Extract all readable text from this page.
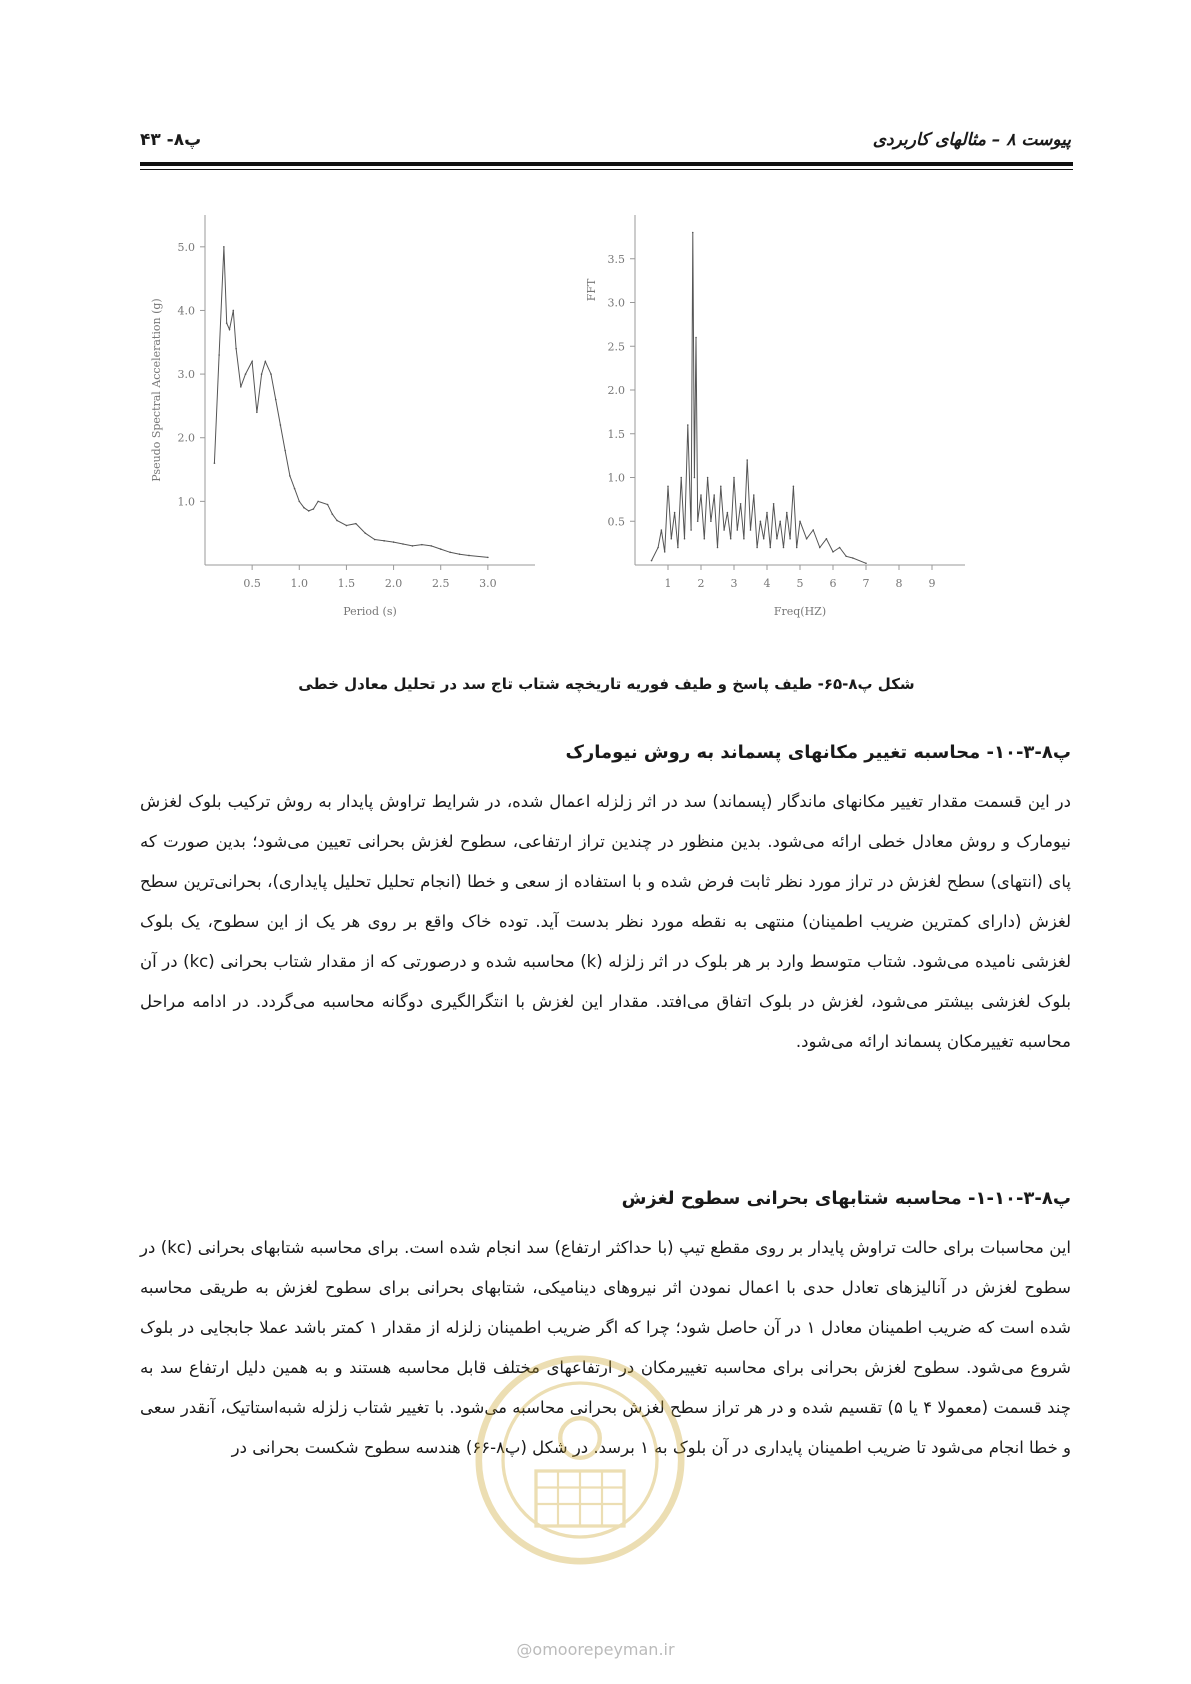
پیوست ۸ – مثالهای کاربردی
پ۸- ۴۳
0.5	1.0	1.5	2.0	2.5	3.0
1.0
2.0
3.0
4.0
5.0
Period (s)
Pseudo Spectral Acceleration (g)
1 2 3 4 5 6 7 8 9
0.5
1.0
1.5
2.0
2.5
3.0
3.5
Freq(HZ)
FFT
شکل پ۸-۶۵- طیف پاسخ و طیف فوریه تاریخچه شتاب تاج سد در تحلیل معادل خطی
پ۸-۳-۱۰- محاسبه تغییر مکانهای پسماند به روش نیومارک
در این قسمت مقدار تغییر مکانهای ماندگار (پسماند) سد در اثر زلزله اعمال شده، در شرایط تراوش پایدار به روش ترکیب بلوک لغزش نیومارک و روش معادل خطی ارائه می‌شود. بدین منظور در چندین تراز ارتفاعی، سطوح لغزش بحرانی تعیین می‌شود؛ بدین صورت که پای (انتهای) سطح لغزش در تراز مورد نظر ثابت فرض شده و با استفاده از سعی و خطا (انجام تحلیل تحلیل پایداری)، بحرانی‌ترین سطح لغزش (دارای کمترین ضریب اطمینان) منتهی به نقطه مورد نظر بدست آید. توده خاک واقع بر روی هر یک از این سطوح، یک بلوک لغزشی نامیده می‌شود. شتاب متوسط وارد بر هر بلوک در اثر زلزله (k) محاسبه شده و درصورتی که از مقدار شتاب بحرانی (kc) در آن بلوک لغزشی بیشتر می‌شود، لغزش در بلوک اتفاق می‌افتد. مقدار این لغزش با انتگرالگیری دوگانه محاسبه می‌گردد. در ادامه مراحل محاسبه تغییرمکان پسماند ارائه می‌شود.
پ۸-۳-۱۰-۱- محاسبه شتابهای بحرانی سطوح لغزش
این محاسبات برای حالت تراوش پایدار بر روی مقطع تیپ (با حداکثر ارتفاع) سد انجام شده است. برای محاسبه شتابهای بحرانی (kc) در سطوح لغزش در آنالیزهای تعادل حدی با اعمال نمودن اثر نیروهای دینامیکی، شتابهای بحرانی برای سطوح لغزش به طریقی محاسبه شده است که ضریب اطمینان معادل ۱ در آن حاصل شود؛ چرا که اگر ضریب اطمینان زلزله از مقدار ۱ کمتر باشد عملا جابجایی در بلوک شروع می‌شود. سطوح لغزش بحرانی برای محاسبه تغییرمکان در ارتفاعهای مختلف قابل محاسبه هستند و به همین دلیل ارتفاع سد به چند قسمت (معمولا ۴ یا ۵) تقسیم شده و در هر تراز سطح لغزش بحرانی محاسبه می‌شود. با تغییر شتاب زلزله شبه‌استاتیک، آنقدر سعی و خطا انجام می‌شود تا ضریب اطمینان پایداری در آن بلوک به ۱ برسد. در شکل (پ۸-۶۶) هندسه سطوح شکست بحرانی در
@omoorepeyman.ir
